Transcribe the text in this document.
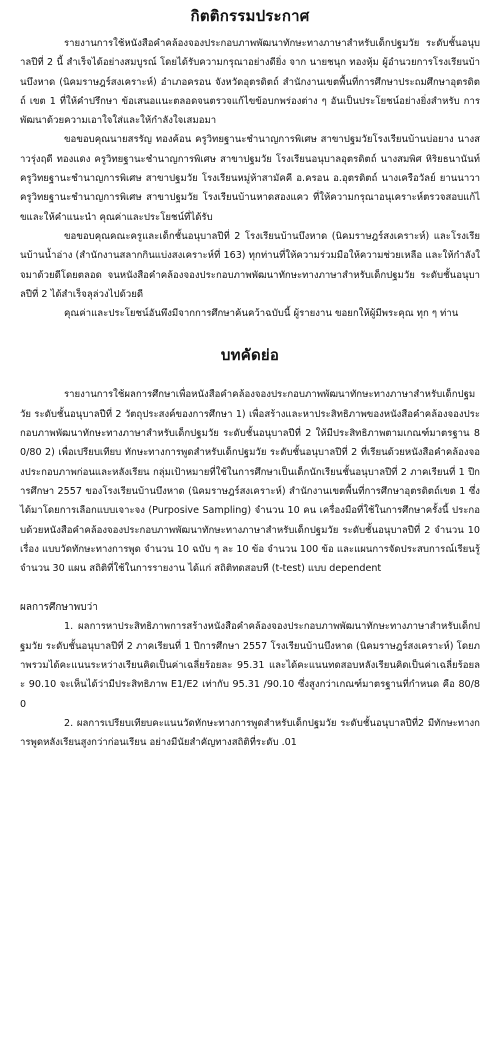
กิตติกรรมประกาศ

รายงานการใช้หนังสือคำคล้องจองประกอบภาพพัฒนาทักษะทางภาษาสำหรับเด็กปฐมวัย ระดับชั้นอนุบาลปีที่ 2 นี้ สำเร็จได้อย่างสมบูรณ์ โดยได้รับความกรุณาอย่างดียิ่ง จาก นายชนุก ทองหุ้ม ผู้อำนวยการโรงเรียนบ้านบึงหาด (นิคมราษฎร์สงเคราะห์) อำเภอครอน จังหวัดอุตรดิตถ์ สำนักงานเขตพื้นที่การศึกษาประถมศึกษาอุตรดิตถ์ เขต 1 ที่ให้คำปรึกษา ข้อเสนอแนะตลอดจนตรวจแก้ไขข้อบกพร่องต่าง ๆ อันเป็นประโยชน์อย่างยิ่งสำหรับ การพัฒนาด้วยความเอาใจใส่และให้กำลังใจเสมอมา

ขอขอบคุณนายสรรัญ ทองค้อน ครูวิทยฐานะชำนาญการพิเศษ สาขาปฐมวัยโรงเรียนบ้านบ่อยาง นางสาวรุ่งฤดี ทองแดง ครูวิทยฐานะชำนาญการพิเศษ สาขาปฐมวัย โรงเรียนอนุบาลอุตรดิตถ์ นางสมพิศ หิริยธนานันท์ ครูวิทยฐานะชำนาญการพิเศษ สาขาปฐมวัย โรงเรียนหมู่ห้าสามัคคี อ.ครอน อ.อุตรดิตถ์ นางเครือวัลย์ ยานนาวา ครูวิทยฐานะชำนาญการพิเศษ สาขาปฐมวัย โรงเรียนบ้านหาดสองแคว ที่ให้ความกรุณาอนุเคราะห์ตรวจสอบแก้ไขและให้คำแนะนำ คุณค่าและประโยชน์ที่ได้รับ

ขอขอบคุณคณะครูและเด็กชั้นอนุบาลปีที่ 2 โรงเรียนบ้านบึงหาด (นิคมราษฎร์สงเคราะห์) และโรงเรียนบ้านน้ำอ่าง (สำนักงานสลากกินแบ่งสงเคราะห์ที่ 163) ทุกท่านที่ให้ความร่วมมือให้ความช่วยเหลือ และให้กำลังใจมาด้วยดีโดยตลอด จนหนังสือคำคล้องจองประกอบภาพพัฒนาทักษะทางภาษาสำหรับเด็กปฐมวัย ระดับชั้นอนุบาลปีที่ 2 ได้สำเร็จลุล่วงไปด้วยดี

คุณค่าและประโยชน์อันพึงมีจากการศึกษาค้นคว้าฉบับนี้ ผู้รายงาน ขอยกให้ผู้มีพระคุณ ทุก ๆ ท่าน

บทคัดย่อ

รายงานการใช้ผลการศึกษาเพื่อหนังสือคำคล้องจองประกอบภาพพัฒนาทักษะทางภาษาสำหรับเด็กปฐมวัย ระดับชั้นอนุบาลปีที่ 2 วัตถุประสงค์ของการศึกษา 1) เพื่อสร้างและหาประสิทธิภาพของหนังสือคำคล้องจองประกอบภาพพัฒนาทักษะทางภาษาสำหรับเด็กปฐมวัย ระดับชั้นอนุบาลปีที่ 2 ให้มีประสิทธิภาพตามเกณฑ์มาตรฐาน 80/80 2) เพื่อเปรียบเทียบ ทักษะทางการพูดสำหรับเด็กปฐมวัย ระดับชั้นอนุบาลปีที่ 2 ที่เรียนด้วยหนังสือคำคล้องจองประกอบภาพก่อนและหลังเรียน กลุ่มเป้าหมายที่ใช้ในการศึกษาเป็นเด็กนักเรียนชั้นอนุบาลปีที่ 2 ภาคเรียนที่ 1 ปีการศึกษา 2557 ของโรงเรียนบ้านบึงหาด (นิคมราษฎร์สงเคราะห์) สำนักงานเขตพื้นที่การศึกษาอุตรดิตถ์เขต 1 ซึ่งได้มาโดยการเลือกแบบเจาะจง (Purposive Sampling) จำนวน 10 คน เครื่องมือที่ใช้ในการศึกษาครั้งนี้ ประกอบด้วยหนังสือคำคล้องจองประกอบภาพพัฒนาทักษะทางภาษาสำหรับเด็กปฐมวัย ระดับชั้นอนุบาลปีที่ 2 จำนวน 10 เรื่อง แบบวัดทักษะทางการพูด จำนวน 10 ฉบับ ๆ ละ 10 ข้อ จำนวน 100 ข้อ และแผนการจัดประสบการณ์เรียนรู้จำนวน 30 แผน สถิติที่ใช้ในการรายงาน ได้แก่ สถิติทดสอบที (t-test) แบบ dependent

ผลการศึกษาพบว่า

1. ผลการหาประสิทธิภาพการสร้างหนังสือคำคล้องจองประกอบภาพพัฒนาทักษะทางภาษาสำหรับเด็กปฐมวัย ระดับชั้นอนุบาลปีที่ 2 ภาคเรียนที่ 1 ปีการศึกษา 2557 โรงเรียนบ้านบึงหาด (นิคมราษฎร์สงเคราะห์) โดยภาพรวมได้คะแนนระหว่างเรียนคิดเป็นค่าเฉลี่ยร้อยละ 95.31 และได้คะแนนทดสอบหลังเรียนคิดเป็นค่าเฉลี่ยร้อยละ 90.10 จะเห็นได้ว่ามีประสิทธิภาพ E1/E2 เท่ากับ 95.31 /90.10 ซึ่งสูงกว่าเกณฑ์มาตรฐานที่กำหนด คือ 80/80

2. ผลการเปรียบเทียบคะแนนวัดทักษะทางการพูดสำหรับเด็กปฐมวัย ระดับชั้นอนุบาลปีที่2 มีทักษะทางการพูดหลังเรียนสูงกว่าก่อนเรียน อย่างมีนัยสำคัญทางสถิติที่ระดับ .01
